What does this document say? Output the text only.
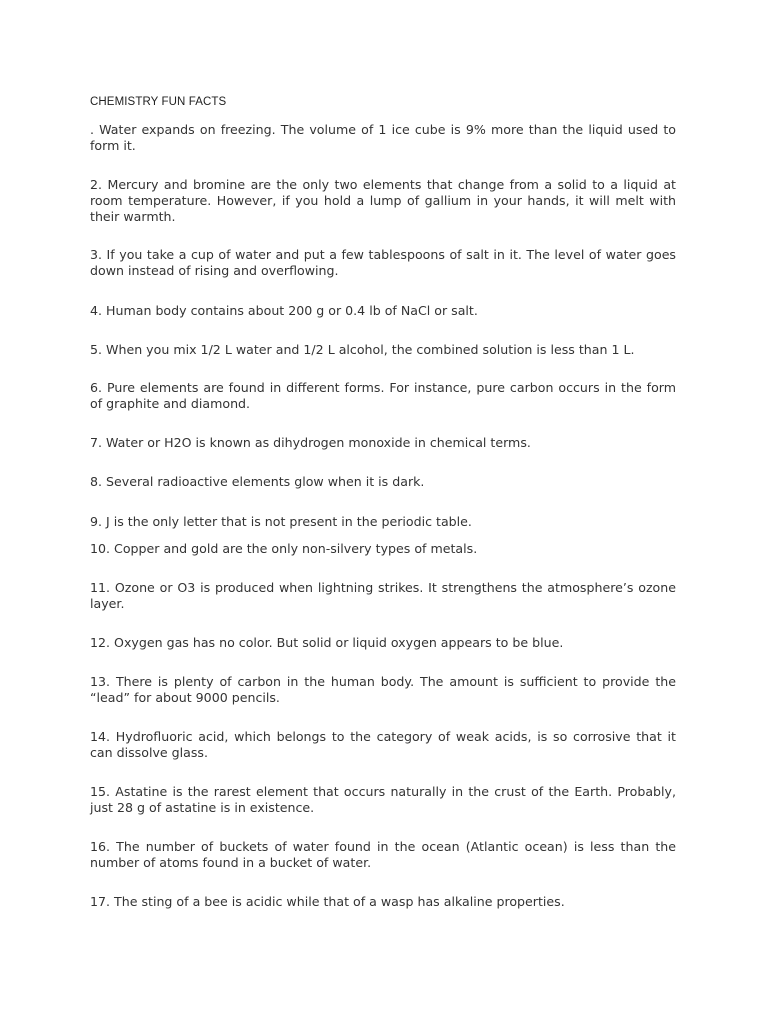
CHEMISTRY FUN FACTS

. Water expands on freezing. The volume of 1 ice cube is 9% more than the liquid used to form it.

2. Mercury and bromine are the only two elements that change from a solid to a liquid at room temperature. However, if you hold a lump of gallium in your hands, it will melt with their warmth.

3. If you take a cup of water and put a few tablespoons of salt in it. The level of water goes down instead of rising and overflowing.

4. Human body contains about 200 g or 0.4 lb of NaCl or salt.

5. When you mix 1/2 L water and 1/2 L alcohol, the combined solution is less than 1 L.

6. Pure elements are found in different forms. For instance, pure carbon occurs in the form of graphite and diamond.

7. Water or H2O is known as dihydrogen monoxide in chemical terms.

8. Several radioactive elements glow when it is dark.

9. J is the only letter that is not present in the periodic table.

10. Copper and gold are the only non-silvery types of metals.

11. Ozone or O3 is produced when lightning strikes. It strengthens the atmosphere’s ozone layer.

12. Oxygen gas has no color. But solid or liquid oxygen appears to be blue.

13. There is plenty of carbon in the human body. The amount is sufficient to provide the “lead” for about 9000 pencils.

14. Hydrofluoric acid, which belongs to the category of weak acids, is so corrosive that it can dissolve glass.

15. Astatine is the rarest element that occurs naturally in the crust of the Earth. Probably, just 28 g of astatine is in existence.

16. The number of buckets of water found in the ocean (Atlantic ocean) is less than the number of atoms found in a bucket of water.

17. The sting of a bee is acidic while that of a wasp has alkaline properties.
